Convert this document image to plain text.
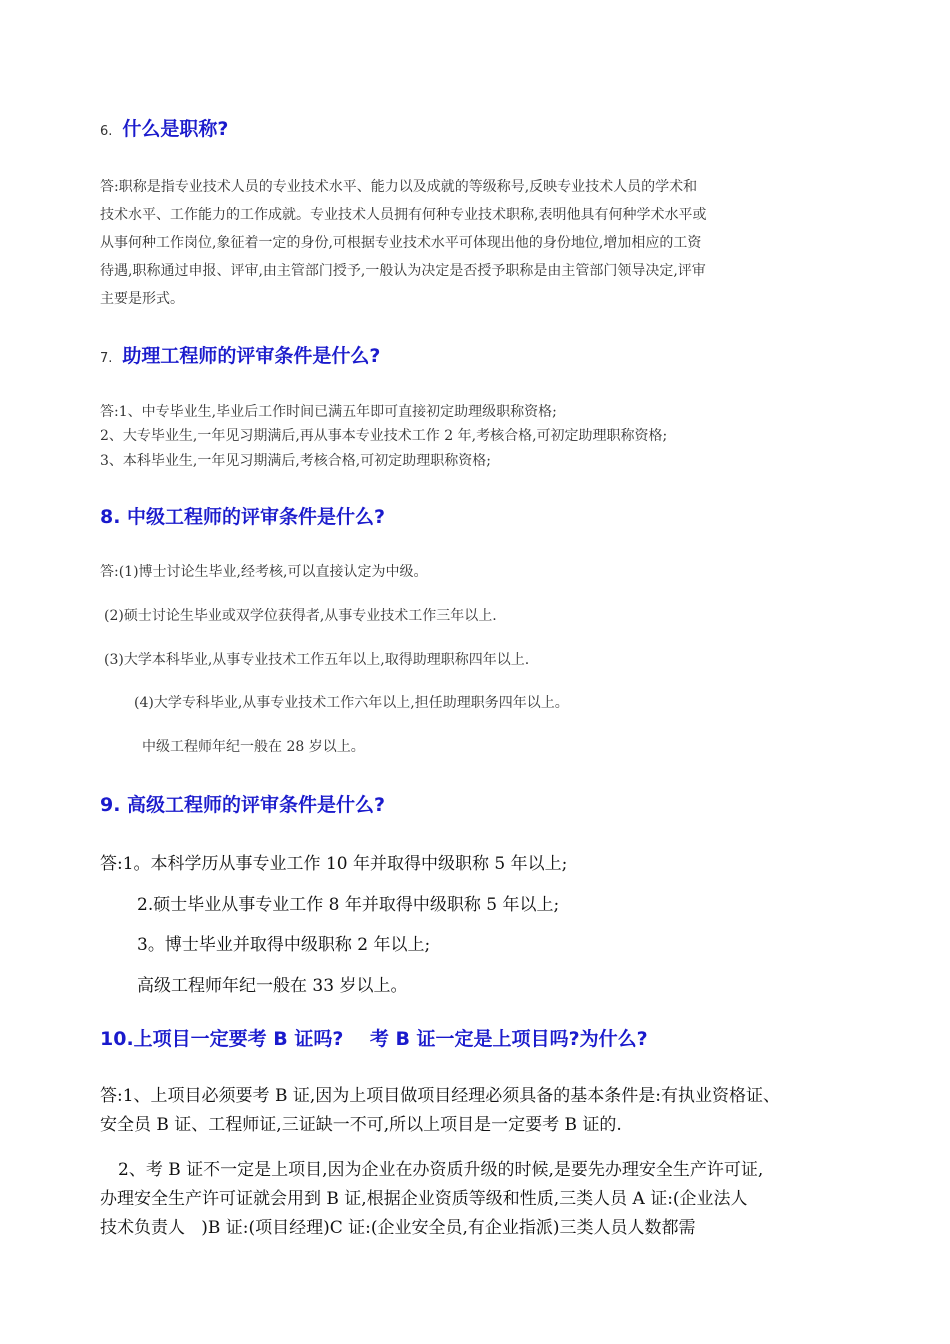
6. 什么是职称?
答:职称是指专业技术人员的专业技术水平、能力以及成就的等级称号,反映专业技术人员的学术和
技术水平、工作能力的工作成就。专业技术人员拥有何种专业技术职称,表明他具有何种学术水平或
从事何种工作岗位,象征着一定的身份,可根据专业技术水平可体现出他的身份地位,增加相应的工资
待遇,职称通过申报、评审,由主管部门授予,一般认为决定是否授予职称是由主管部门领导决定,评审
主要是形式。
7. 助理工程师的评审条件是什么?
答:1、中专毕业生,毕业后工作时间已满五年即可直接初定助理级职称资格;
2、大专毕业生,一年见习期满后,再从事本专业技术工作 2 年,考核合格,可初定助理职称资格;
3、本科毕业生,一年见习期满后,考核合格,可初定助理职称资格;
8. 中级工程师的评审条件是什么?
答:(1)博士讨论生毕业,经考核,可以直接认定为中级。
(2)硕士讨论生毕业或双学位获得者,从事专业技术工作三年以上.
(3)大学本科毕业,从事专业技术工作五年以上,取得助理职称四年以上.
(4)大学专科毕业,从事专业技术工作六年以上,担任助理职务四年以上。
中级工程师年纪一般在 28 岁以上。
9. 高级工程师的评审条件是什么?
答:1。本科学历从事专业工作 10 年并取得中级职称 5 年以上;
2.硕士毕业从事专业工作 8 年并取得中级职称 5 年以上;
3。博士毕业并取得中级职称 2 年以上;
高级工程师年纪一般在 33 岁以上。
10.上项目一定要考 B 证吗?    考 B 证一定是上项目吗?为什么?
答:1、上项目必须要考 B 证,因为上项目做项目经理必须具备的基本条件是:有执业资格证、
安全员 B 证、工程师证,三证缺一不可,所以上项目是一定要考 B 证的.
2、考 B 证不一定是上项目,因为企业在办资质升级的时候,是要先办理安全生产许可证,
办理安全生产许可证就会用到 B 证,根据企业资质等级和性质,三类人员 A 证:(企业法人
技术负责人   )B 证:(项目经理)C 证:(企业安全员,有企业指派)三类人员人数都需
